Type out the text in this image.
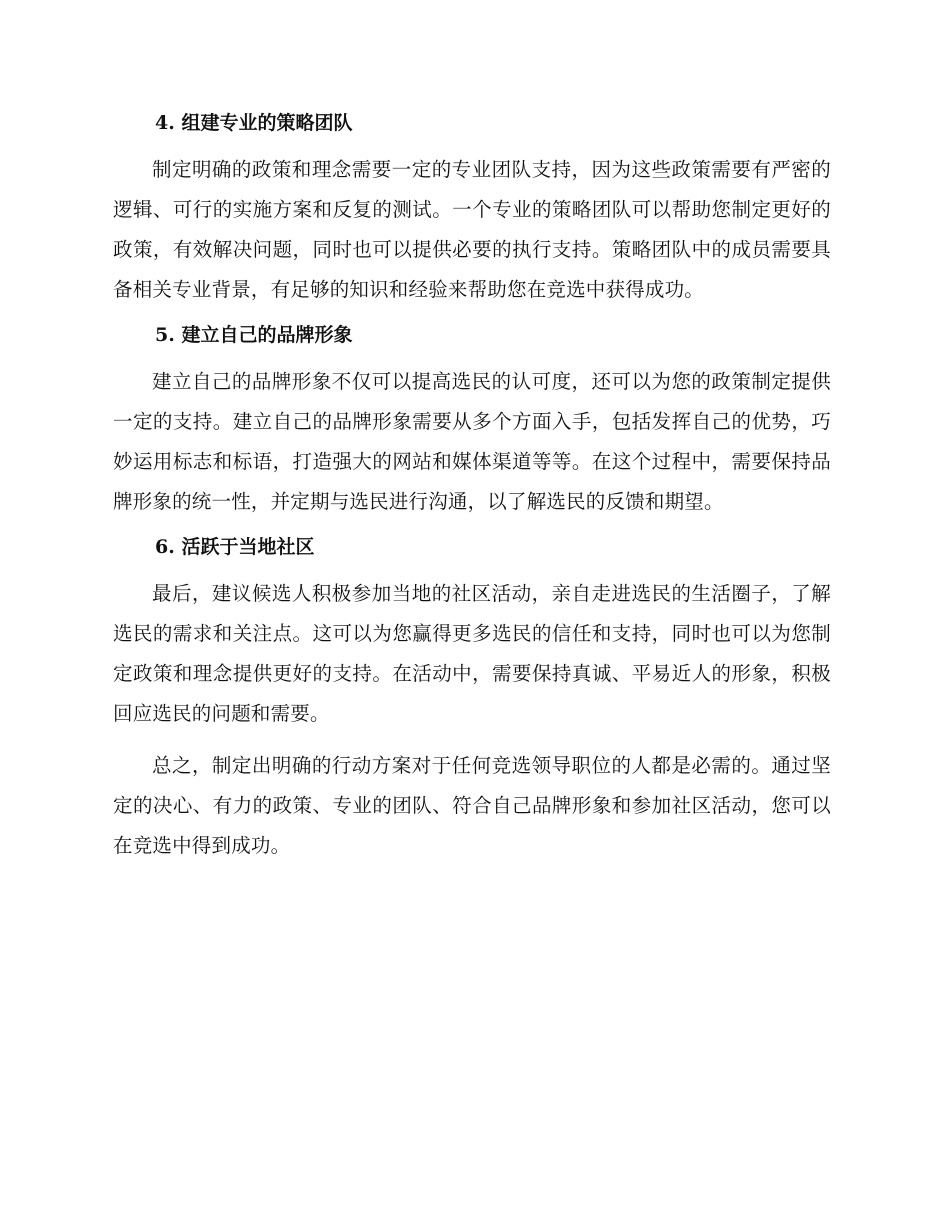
4. 组建专业的策略团队

制定明确的政策和理念需要一定的专业团队支持，因为这些政策需要有严密的逻辑、可行的实施方案和反复的测试。一个专业的策略团队可以帮助您制定更好的政策，有效解决问题，同时也可以提供必要的执行支持。策略团队中的成员需要具备相关专业背景，有足够的知识和经验来帮助您在竞选中获得成功。

5. 建立自己的品牌形象

建立自己的品牌形象不仅可以提高选民的认可度，还可以为您的政策制定提供一定的支持。建立自己的品牌形象需要从多个方面入手，包括发挥自己的优势，巧妙运用标志和标语，打造强大的网站和媒体渠道等等。在这个过程中，需要保持品牌形象的统一性，并定期与选民进行沟通，以了解选民的反馈和期望。

6. 活跃于当地社区

最后，建议候选人积极参加当地的社区活动，亲自走进选民的生活圈子，了解选民的需求和关注点。这可以为您赢得更多选民的信任和支持，同时也可以为您制定政策和理念提供更好的支持。在活动中，需要保持真诚、平易近人的形象，积极回应选民的问题和需要。

总之，制定出明确的行动方案对于任何竞选领导职位的人都是必需的。通过坚定的决心、有力的政策、专业的团队、符合自己品牌形象和参加社区活动，您可以在竞选中得到成功。
